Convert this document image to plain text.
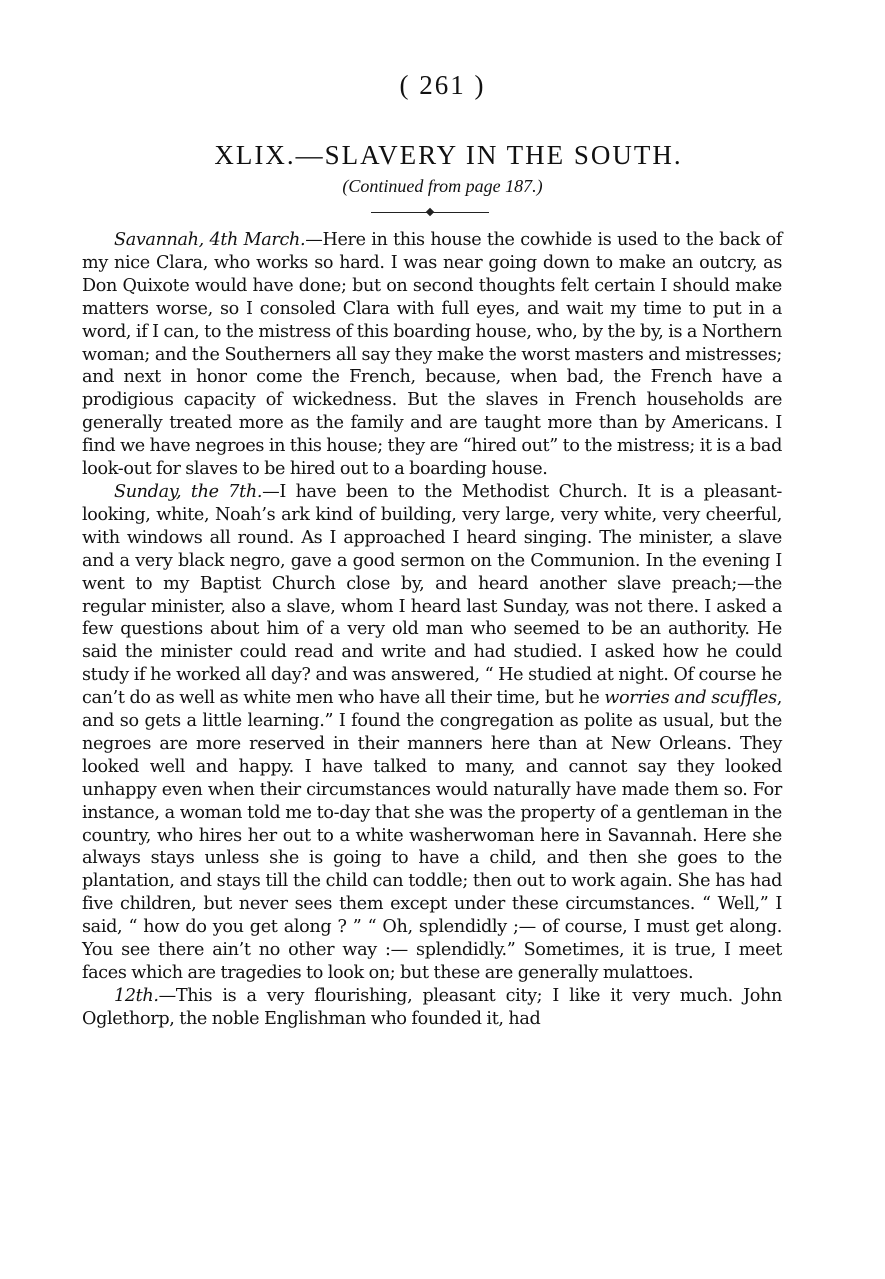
( 261 )
XLIX.—SLAVERY IN THE SOUTH.
(Continued from page 187.)

Savannah, 4th March.—Here in this house the cowhide is used to the back of my nice Clara, who works so hard. I was near going down to make an outcry, as Don Quixote would have done; but on second thoughts felt certain I should make matters worse, so I consoled Clara with full eyes, and wait my time to put in a word, if I can, to the mistress of this boarding house, who, by the by, is a Northern woman; and the Southerners all say they make the worst masters and mistresses; and next in honor come the French, because, when bad, the French have a prodigious capacity of wickedness. But the slaves in French households are generally treated more as the family and are taught more than by Americans. I find we have negroes in this house; they are “hired out” to the mistress; it is a bad look-out for slaves to be hired out to a boarding house.

Sunday, the 7th.—I have been to the Methodist Church. It is a pleasant-looking, white, Noah’s ark kind of building, very large, very white, very cheerful, with windows all round. As I approached I heard singing. The minister, a slave and a very black negro, gave a good sermon on the Communion. In the evening I went to my Baptist Church close by, and heard another slave preach;—the regular minister, also a slave, whom I heard last Sunday, was not there. I asked a few questions about him of a very old man who seemed to be an authority. He said the minister could read and write and had studied. I asked how he could study if he worked all day? and was answered, “ He studied at night. Of course he can’t do as well as white men who have all their time, but he worries and scuffles, and so gets a little learning.” I found the congregation as polite as usual, but the negroes are more reserved in their manners here than at New Orleans. They looked well and happy. I have talked to many, and cannot say they looked unhappy even when their circumstances would naturally have made them so. For instance, a woman told me to-day that she was the property of a gentleman in the country, who hires her out to a white washerwoman here in Savannah. Here she always stays unless she is going to have a child, and then she goes to the plantation, and stays till the child can toddle; then out to work again. She has had five children, but never sees them except under these circumstances. “ Well,” I said, “ how do you get along ? ” “ Oh, splendidly ;— of course, I must get along. You see there ain’t no other way :— splendidly.” Sometimes, it is true, I meet faces which are tragedies to look on; but these are generally mulattoes.

12th.—This is a very flourishing, pleasant city; I like it very much. John Oglethorp, the noble Englishman who founded it, had
